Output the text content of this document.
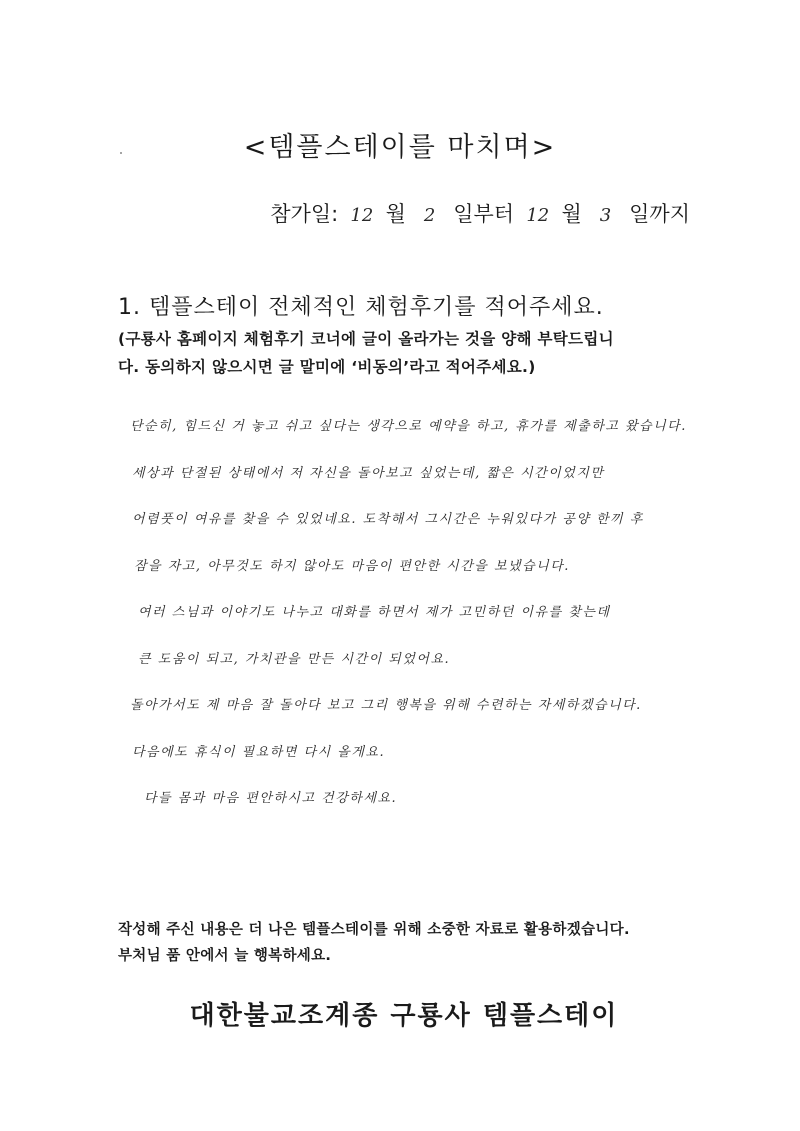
<템플스테이를 마치며>
참가일: 12 월 2 일부터 12 월 3 일까지
1. 템플스테이 전체적인 체험후기를 적어주세요.
(구룡사 홈페이지 체험후기 코너에 글이 올라가는 것을 양해 부탁드립니
다. 동의하지 않으시면 글 말미에 ‘비동의’라고 적어주세요.)
단순히, 힘드신 거 놓고 쉬고 싶다는 생각으로 예약을 하고, 휴가를 제출하고 왔습니다.
세상과 단절된 상태에서 저 자신을 돌아보고 싶었는데, 짧은 시간이었지만
어렴풋이 여유를 찾을 수 있었네요. 도착해서 그시간은 누워있다가 공양 한끼 후
잠을 자고, 아무것도 하지 않아도 마음이 편안한 시간을 보냈습니다.
여러 스님과 이야기도 나누고 대화를 하면서 제가 고민하던 이유를 찾는데
큰 도움이 되고, 가치관을 만든 시간이 되었어요.
돌아가서도 제 마음 잘 돌아다 보고 그리 행복을 위해 수련하는 자세하겠습니다.
다음에도 휴식이 필요하면 다시 올게요.
다들 몸과 마음 편안하시고 건강하세요.
작성해 주신 내용은 더 나은 템플스테이를 위해 소중한 자료로 활용하겠습니다.
부처님 품 안에서 늘 행복하세요.
대한불교조계종 구룡사 템플스테이
